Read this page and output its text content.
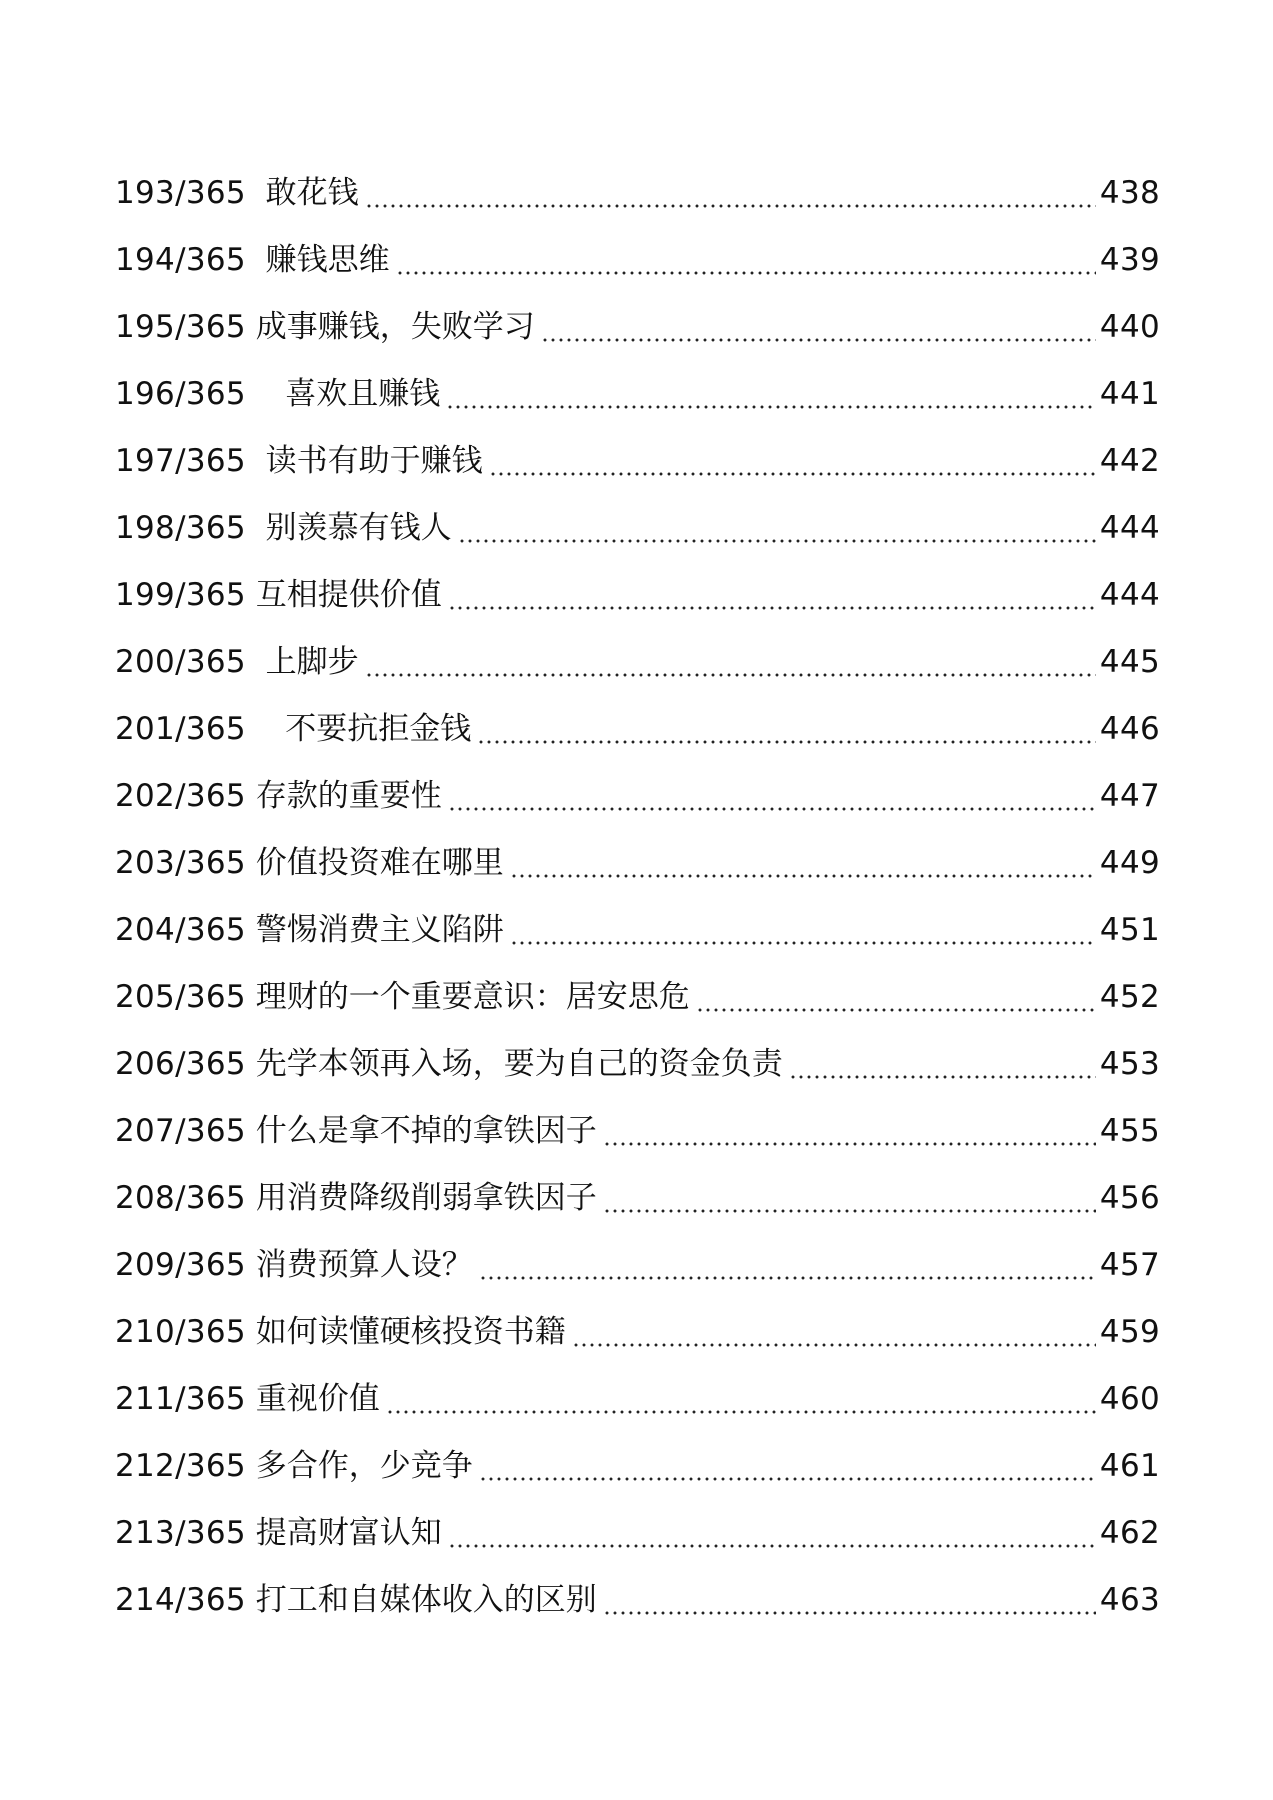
193/365 敢花钱	438
194/365 赚钱思维	439
195/365 成事赚钱，失败学习	440
196/365 喜欢且赚钱	441
197/365 读书有助于赚钱	442
198/365 别羡慕有钱人	444
199/365 互相提供价值	444
200/365 上脚步	445
201/365 不要抗拒金钱	446
202/365 存款的重要性	447
203/365 价值投资难在哪里	449
204/365 警惕消费主义陷阱	451
205/365 理财的一个重要意识：居安思危	452
206/365 先学本领再入场，要为自己的资金负责	453
207/365 什么是拿不掉的拿铁因子	455
208/365 用消费降级削弱拿铁因子	456
209/365 消费预算人设？	457
210/365 如何读懂硬核投资书籍	459
211/365 重视价值	460
212/365 多合作，少竞争	461
213/365 提高财富认知	462
214/365 打工和自媒体收入的区别	463
